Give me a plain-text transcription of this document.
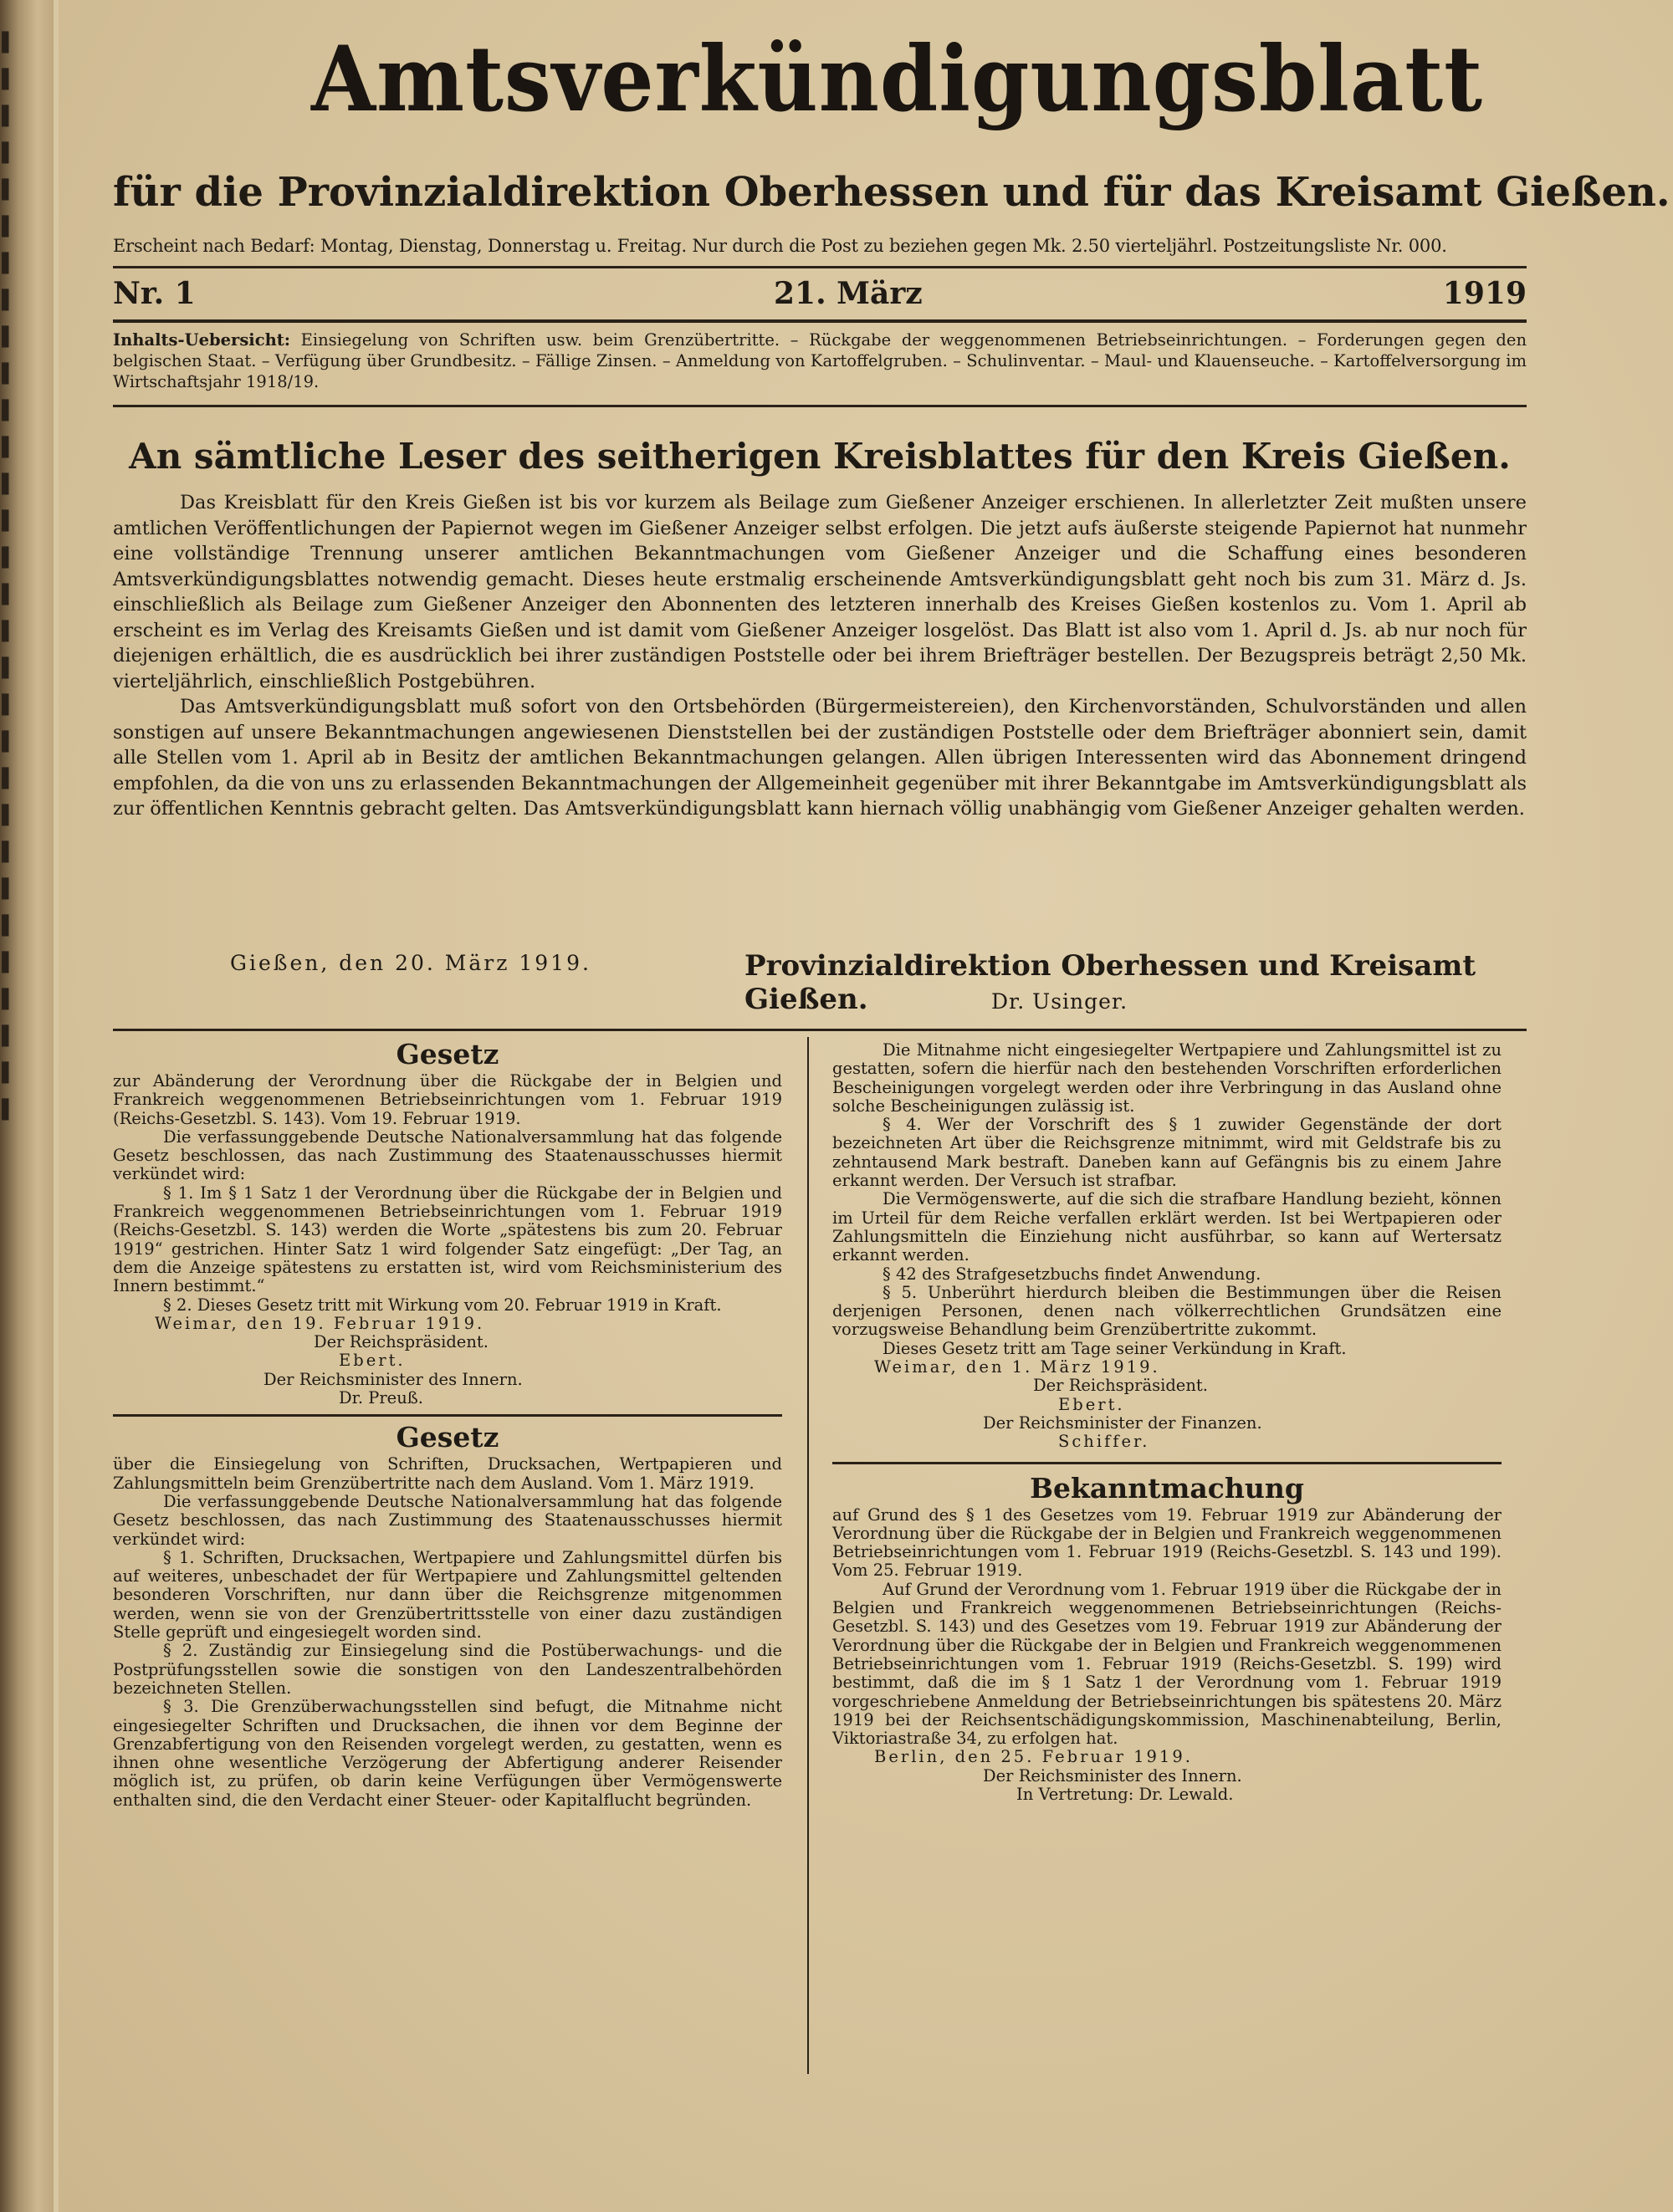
▌
▌
▌
▌
▌
▌
▌
▌
▌
▌
▌
▌
▌
▌
▌
▌
▌
▌
▌
▌
▌
▌
▌
▌
▌
▌
▌
▌
▌
▌
Amtsverkündigungsblatt
für die Provinzialdirektion Oberhessen und für das Kreisamt Gießen.
Erscheint nach Bedarf: Montag, Dienstag, Donnerstag u. Freitag. Nur durch die Post zu beziehen gegen Mk. 2.50 vierteljährl. Postzeitungsliste Nr. 000.
Nr. 1	21. März	1919
Inhalts-Uebersicht: Einsiegelung von Schriften usw. beim Grenzübertritte. – Rückgabe der weggenommenen Betriebseinrichtungen. – Forderungen gegen den belgischen Staat. – Verfügung über Grundbesitz. – Fällige Zinsen. – Anmeldung von Kartoffelgruben. – Schulinventar. – Maul- und Klauenseuche. – Kartoffelversorgung im Wirtschaftsjahr 1918/19.
An sämtliche Leser des seitherigen Kreisblattes für den Kreis Gießen.

Das Kreisblatt für den Kreis Gießen ist bis vor kurzem als Beilage zum Gießener Anzeiger erschienen. In allerletzter Zeit mußten unsere amtlichen Veröffentlichungen der Papiernot wegen im Gießener Anzeiger selbst erfolgen. Die jetzt aufs äußerste steigende Papiernot hat nunmehr eine vollständige Trennung unserer amtlichen Bekanntmachungen vom Gießener Anzeiger und die Schaffung eines besonderen Amtsverkündigungsblattes notwendig gemacht. Dieses heute erstmalig erscheinende Amtsverkündigungsblatt geht noch bis zum 31. März d. Js. einschließlich als Beilage zum Gießener Anzeiger den Abonnenten des letzteren innerhalb des Kreises Gießen kostenlos zu. Vom 1. April ab erscheint es im Verlag des Kreisamts Gießen und ist damit vom Gießener Anzeiger losgelöst. Das Blatt ist also vom 1. April d. Js. ab nur noch für diejenigen erhältlich, die es ausdrücklich bei ihrer zuständigen Poststelle oder bei ihrem Briefträger bestellen. Der Bezugspreis beträgt 2,50 Mk. vierteljährlich, einschließlich Postgebühren.

Das Amtsverkündigungsblatt muß sofort von den Ortsbehörden (Bürgermeistereien), den Kirchenvorständen, Schulvorständen und allen sonstigen auf unsere Bekanntmachungen angewiesenen Dienststellen bei der zuständigen Poststelle oder dem Briefträger abonniert sein, damit alle Stellen vom 1. April ab in Besitz der amtlichen Bekanntmachungen gelangen. Allen übrigen Interessenten wird das Abonnement dringend empfohlen, da die von uns zu erlassenden Bekanntmachungen der Allgemeinheit gegenüber mit ihrer Bekanntgabe im Amtsverkündigungsblatt als zur öffentlichen Kenntnis gebracht gelten. Das Amtsverkündigungsblatt kann hiernach völlig unabhängig vom Gießener Anzeiger gehalten werden.

Gießen, den 20. März 1919.	Provinzialdirektion Oberhessen und Kreisamt Gießen.	Dr. Usinger.
Gesetz

zur Abänderung der Verordnung über die Rückgabe der in Belgien und Frankreich weggenommenen Betriebseinrichtungen vom 1. Februar 1919 (Reichs-Gesetzbl. S. 143). Vom 19. Februar 1919.

Die verfassunggebende Deutsche Nationalversammlung hat das folgende Gesetz beschlossen, das nach Zustimmung des Staatenausschusses hiermit verkündet wird:

§ 1. Im § 1 Satz 1 der Verordnung über die Rückgabe der in Belgien und Frankreich weggenommenen Betriebseinrichtungen vom 1. Februar 1919 (Reichs-Gesetzbl. S. 143) werden die Worte „spätestens bis zum 20. Februar 1919“ gestrichen. Hinter Satz 1 wird folgender Satz eingefügt: „Der Tag, an dem die Anzeige spätestens zu erstatten ist, wird vom Reichsministerium des Innern bestimmt.“

§ 2. Dieses Gesetz tritt mit Wirkung vom 20. Februar 1919 in Kraft.

Weimar, den 19. Februar 1919.

Der Reichspräsident.

Ebert.

Der Reichsminister des Innern.

Dr. Preuß.

Gesetz

über die Einsiegelung von Schriften, Drucksachen, Wertpapieren und Zahlungsmitteln beim Grenzübertritte nach dem Ausland. Vom 1. März 1919.

Die verfassunggebende Deutsche Nationalversammlung hat das folgende Gesetz beschlossen, das nach Zustimmung des Staatenausschusses hiermit verkündet wird:

§ 1. Schriften, Drucksachen, Wertpapiere und Zahlungsmittel dürfen bis auf weiteres, unbeschadet der für Wertpapiere und Zahlungsmittel geltenden besonderen Vorschriften, nur dann über die Reichsgrenze mitgenommen werden, wenn sie von der Grenzübertrittsstelle von einer dazu zuständigen Stelle geprüft und eingesiegelt worden sind.

§ 2. Zuständig zur Einsiegelung sind die Postüberwachungs- und die Postprüfungsstellen sowie die sonstigen von den Landeszentralbehörden bezeichneten Stellen.

§ 3. Die Grenzüberwachungsstellen sind befugt, die Mitnahme nicht eingesiegelter Schriften und Drucksachen, die ihnen vor dem Beginne der Grenzabfertigung von den Reisenden vorgelegt werden, zu gestatten, wenn es ihnen ohne wesentliche Verzögerung der Abfertigung anderer Reisender möglich ist, zu prüfen, ob darin keine Verfügungen über Vermögenswerte enthalten sind, die den Verdacht einer Steuer- oder Kapitalflucht begründen.

Die Mitnahme nicht eingesiegelter Wertpapiere und Zahlungsmittel ist zu gestatten, sofern die hierfür nach den bestehenden Vorschriften erforderlichen Bescheinigungen vorgelegt werden oder ihre Verbringung in das Ausland ohne solche Bescheinigungen zulässig ist.

§ 4. Wer der Vorschrift des § 1 zuwider Gegenstände der dort bezeichneten Art über die Reichsgrenze mitnimmt, wird mit Geldstrafe bis zu zehntausend Mark bestraft. Daneben kann auf Gefängnis bis zu einem Jahre erkannt werden. Der Versuch ist strafbar.

Die Vermögenswerte, auf die sich die strafbare Handlung bezieht, können im Urteil für dem Reiche verfallen erklärt werden. Ist bei Wertpapieren oder Zahlungsmitteln die Einziehung nicht ausführbar, so kann auf Wertersatz erkannt werden.

§ 42 des Strafgesetzbuchs findet Anwendung.

§ 5. Unberührt hierdurch bleiben die Bestimmungen über die Reisen derjenigen Personen, denen nach völkerrechtlichen Grundsätzen eine vorzugsweise Behandlung beim Grenzübertritte zukommt.

Dieses Gesetz tritt am Tage seiner Verkündung in Kraft.

Weimar, den 1. März 1919.

Der Reichspräsident.

Ebert.

Der Reichsminister der Finanzen.

Schiffer.

Bekanntmachung

auf Grund des § 1 des Gesetzes vom 19. Februar 1919 zur Abänderung der Verordnung über die Rückgabe der in Belgien und Frankreich weggenommenen Betriebseinrichtungen vom 1. Februar 1919 (Reichs-Gesetzbl. S. 143 und 199). Vom 25. Februar 1919.

Auf Grund der Verordnung vom 1. Februar 1919 über die Rückgabe der in Belgien und Frankreich weggenommenen Betriebseinrichtungen (Reichs-Gesetzbl. S. 143) und des Gesetzes vom 19. Februar 1919 zur Abänderung der Verordnung über die Rückgabe der in Belgien und Frankreich weggenommenen Betriebseinrichtungen vom 1. Februar 1919 (Reichs-Gesetzbl. S. 199) wird bestimmt, daß die im § 1 Satz 1 der Verordnung vom 1. Februar 1919 vorgeschriebene Anmeldung der Betriebseinrichtungen bis spätestens 20. März 1919 bei der Reichsentschädigungskommission, Maschinenabteilung, Berlin, Viktoriastraße 34, zu erfolgen hat.

Berlin, den 25. Februar 1919.

Der Reichsminister des Innern.

In Vertretung: Dr. Lewald.
